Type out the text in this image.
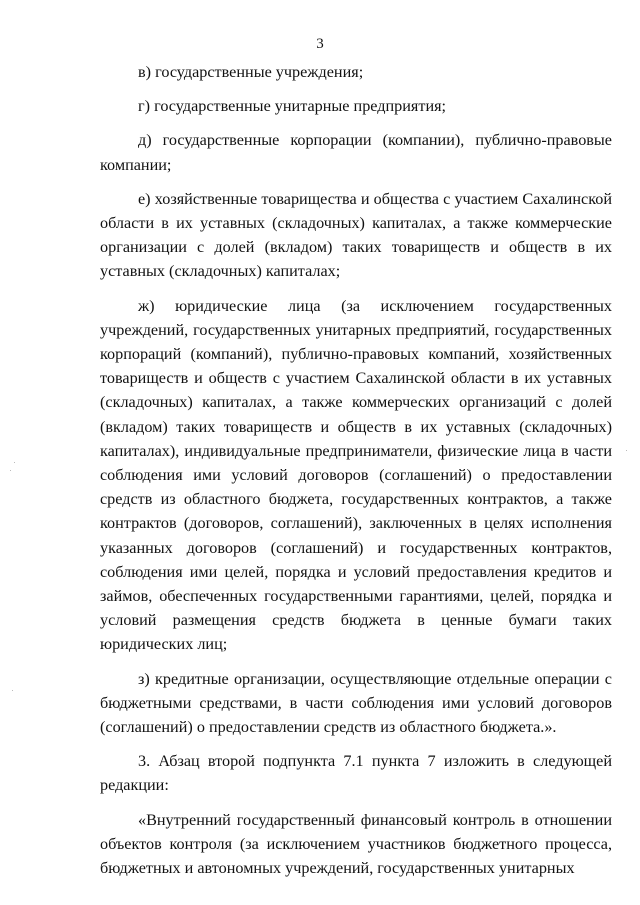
3

в) государственные учреждения;

г) государственные унитарные предприятия;

д) государственные корпорации (компании), публично-правовые компании;

е) хозяйственные товарищества и общества с участием Сахалинской области в их уставных (складочных) капиталах, а также коммерческие организации с долей (вкладом) таких товариществ и обществ в их уставных (складочных) капиталах;

ж) юридические лица (за исключением государственных учреждений, государственных унитарных предприятий, государственных корпораций (компаний), публично-правовых компаний, хозяйственных товариществ и обществ с участием Сахалинской области в их уставных (складочных) капиталах, а также коммерческих организаций с долей (вкладом) таких товариществ и обществ в их уставных (складочных) капиталах), индивидуальные предприниматели, физические лица в части соблюдения ими условий договоров (соглашений) о предоставлении средств из областного бюджета, государственных контрактов, а также контрактов (договоров, соглашений), заключенных в целях исполнения указанных договоров (соглашений) и государственных контрактов, соблюдения ими целей, порядка и условий предоставления кредитов и займов, обеспеченных государственными гарантиями, целей, порядка и условий размещения средств бюджета в ценные бумаги таких юридических лиц;

з) кредитные организации, осуществляющие отдельные операции с бюджетными средствами, в части соблюдения ими условий договоров (соглашений) о предоставлении средств из областного бюджета.».

3. Абзац второй подпункта 7.1 пункта 7 изложить в следующей редакции:

«Внутренний государственный финансовый контроль в отношении объектов контроля (за исключением участников бюджетного процесса, бюджетных и автономных учреждений, государственных унитарных
